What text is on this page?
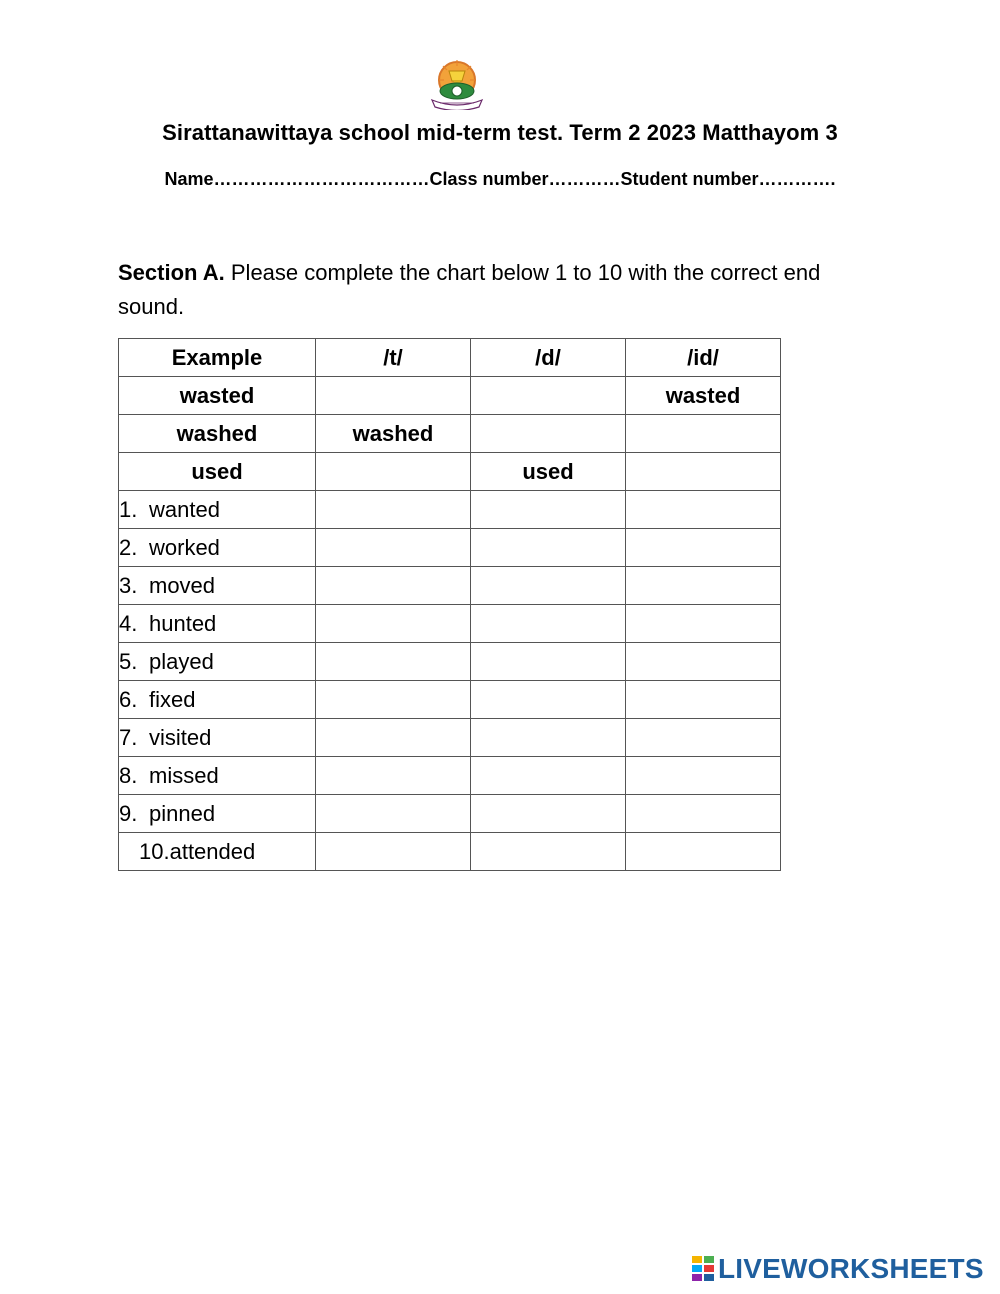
Sirattanawittaya school mid-term test. Term 2 2023 Matthayom 3
Name………………………………Class number…………Student number………….
Section A. Please complete the chart below 1 to 10 with the correct end sound.
Example	/t/	/d/	/id/
wasted			wasted
washed	washed		
used		used	
1. wanted			
2. worked			
3. moved			
4. hunted			
5. played			
6. fixed			
7. visited			
8. missed			
9. pinned			
10.attended			
LIVEWORKSHEETS
